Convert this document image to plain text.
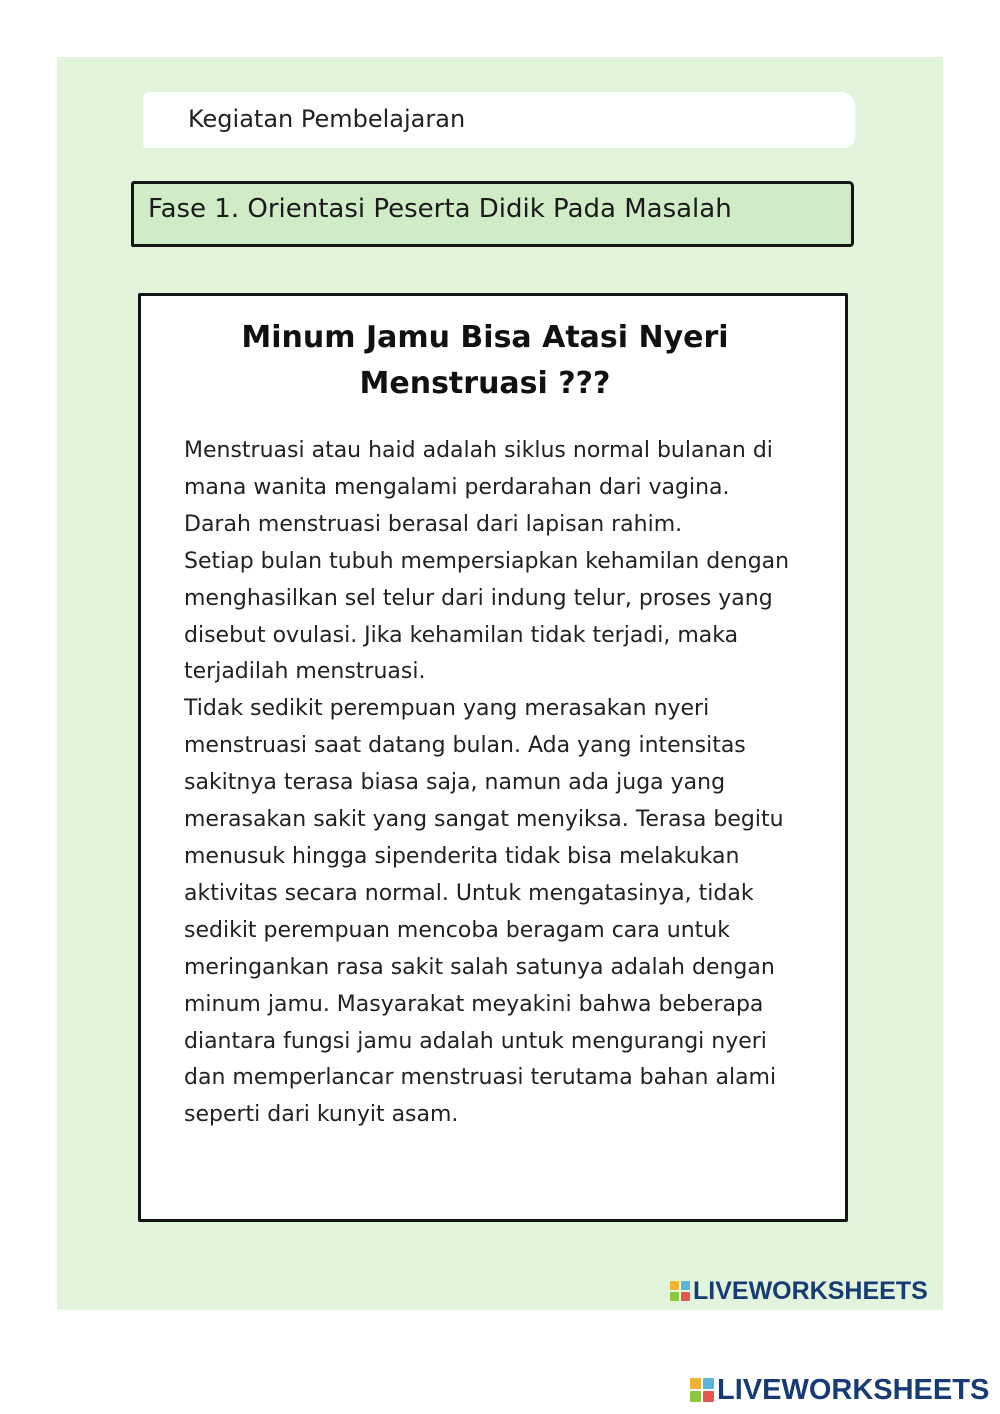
Kegiatan Pembelajaran
Fase 1. Orientasi Peserta Didik Pada Masalah
Minum Jamu Bisa Atasi Nyeri
Menstruasi ???
Menstruasi atau haid adalah siklus normal bulanan di
mana wanita mengalami perdarahan dari vagina.
Darah menstruasi berasal dari lapisan rahim.
Setiap bulan tubuh mempersiapkan kehamilan dengan
menghasilkan sel telur dari indung telur, proses yang
disebut ovulasi. Jika kehamilan tidak terjadi, maka
terjadilah menstruasi.
Tidak sedikit perempuan yang merasakan nyeri
menstruasi saat datang bulan. Ada yang intensitas
sakitnya terasa biasa saja, namun ada juga yang
merasakan sakit yang sangat menyiksa. Terasa begitu
menusuk hingga sipenderita tidak bisa melakukan
aktivitas secara normal. Untuk mengatasinya, tidak
sedikit perempuan mencoba beragam cara untuk
meringankan rasa sakit salah satunya adalah dengan
minum jamu. Masyarakat meyakini bahwa beberapa
diantara fungsi jamu adalah untuk mengurangi nyeri
dan memperlancar menstruasi terutama bahan alami
seperti dari kunyit asam.
LIVEWORKSHEETS
LIVEWORKSHEETS
